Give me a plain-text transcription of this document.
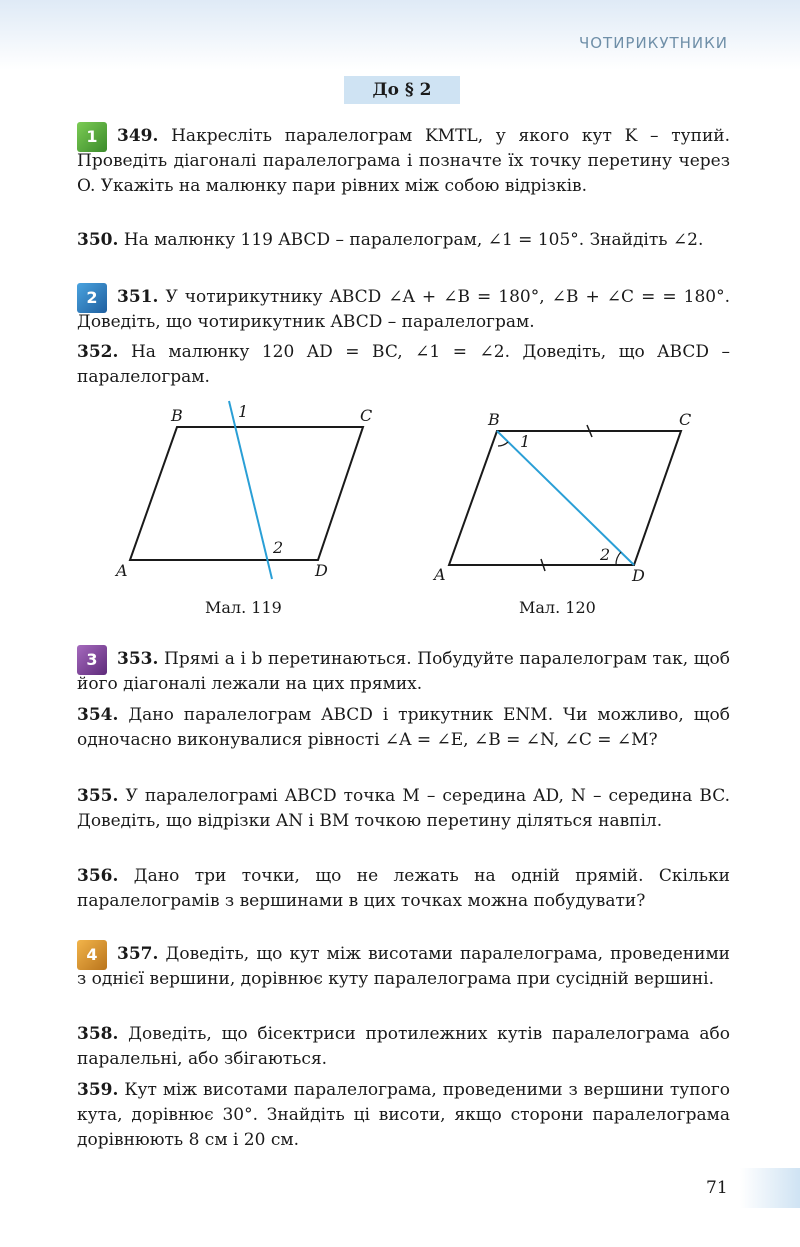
ЧОТИРИКУТНИКИ
До § 2
1	349. Накресліть паралелограм KMTL, у якого кут K – тупий. Проведіть діагоналі паралелограма і позначте їх точку перетину через O. Укажіть на малюнку пари рівних між собою відрізків.
350. На малюнку 119 ABCD – паралелограм, ∠1 = 105°. Знайдіть ∠2.
2	351. У чотирикутнику ABCD ∠A + ∠B = 180°, ∠B + ∠C = = 180°. Доведіть, що чотирикутник ABCD – паралелограм.
352. На малюнку 120 AD = BC, ∠1 = ∠2. Доведіть, що ABCD – паралелограм.
A
B	C
D
1
2
A
B	C
D
1
2
Мал. 119	Мал. 120
3	353. Прямі a і b перетинаються. Побудуйте паралелограм так, щоб його діагоналі лежали на цих прямих.
354. Дано паралелограм ABCD і трикутник ENM. Чи можливо, щоб одночасно виконувалися рівності ∠A = ∠E, ∠B = ∠N, ∠C = ∠M?
355. У паралелограмі ABCD точка M – середина AD, N – середина BC. Доведіть, що відрізки AN і BM точкою перетину діляться навпіл.
356. Дано три точки, що не лежать на одній прямій. Скільки паралелограмів з вершинами в цих точках можна побудувати?
4	357. Доведіть, що кут між висотами паралелограма, проведеними з однієї вершини, дорівнює куту паралелограма при сусідній вершині.
358. Доведіть, що бісектриси протилежних кутів паралелограма або паралельні, або збігаються.
359. Кут між висотами паралелограма, проведеними з вершини тупого кута, дорівнює 30°. Знайдіть ці висоти, якщо сторони паралелограма дорівнюють 8 см і 20 см.
71
